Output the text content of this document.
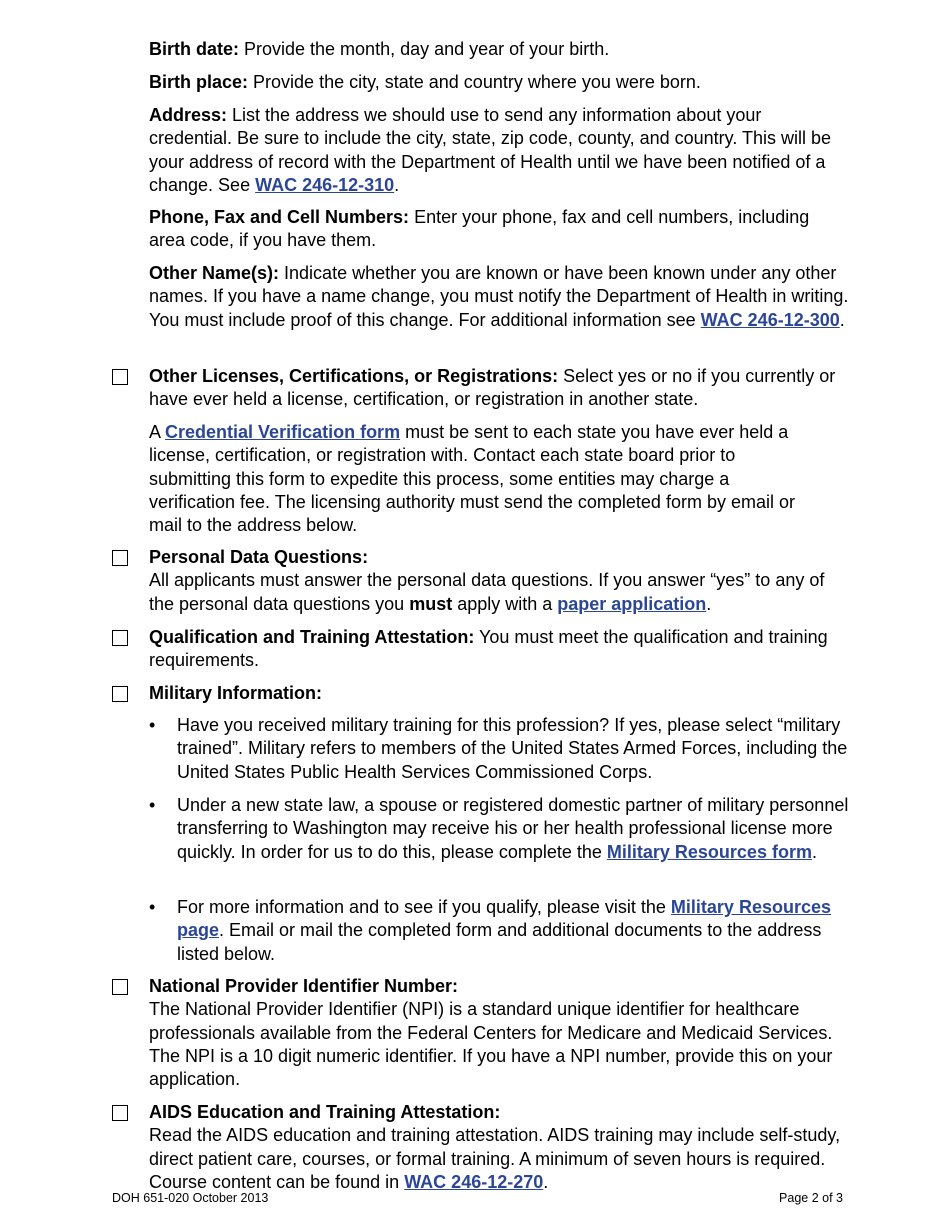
Birth date: Provide the month, day and year of your birth.

Birth place: Provide the city, state and country where you were born.

Address: List the address we should use to send any information about your credential. Be sure to include the city, state, zip code, county, and country. This will be your address of record with the Department of Health until we have been notified of a change. See WAC 246-12-310.

Phone, Fax and Cell Numbers: Enter your phone, fax and cell numbers, including area code, if you have them.

Other Name(s): Indicate whether you are known or have been known under any other names. If you have a name change, you must notify the Department of Health in writing. You must include proof of this change. For additional information see WAC 246-12-300.

Other Licenses, Certifications, or Registrations: Select yes or no if you currently or have ever held a license, certification, or registration in another state.

A Credential Verification form must be sent to each state you have ever held a license, certification, or registration with. Contact each state board prior to submitting this form to expedite this process, some entities may charge a verification fee. The licensing authority must send the completed form by email or mail to the address below.

Personal Data Questions:
All applicants must answer the personal data questions. If you answer “yes” to any of the personal data questions you must apply with a paper application.

Qualification and Training Attestation: You must meet the qualification and training requirements.

Military Information:

• Have you received military training for this profession? If yes, please select “military trained”. Military refers to members of the United States Armed Forces, including the United States Public Health Services Commissioned Corps.

• Under a new state law, a spouse or registered domestic partner of military personnel transferring to Washington may receive his or her health professional license more quickly. In order for us to do this, please complete the Military Resources form.

• For more information and to see if you qualify, please visit the Military Resources page. Email or mail the completed form and additional documents to the address listed below.

National Provider Identifier Number:
The National Provider Identifier (NPI) is a standard unique identifier for healthcare professionals available from the Federal Centers for Medicare and Medicaid Services. The NPI is a 10 digit numeric identifier. If you have a NPI number, provide this on your application.

AIDS Education and Training Attestation:
Read the AIDS education and training attestation. AIDS training may include self-study, direct patient care, courses, or formal training. A minimum of seven hours is required. Course content can be found in WAC 246-12-270.

DOH 651-020 October 2013	Page 2 of 3
